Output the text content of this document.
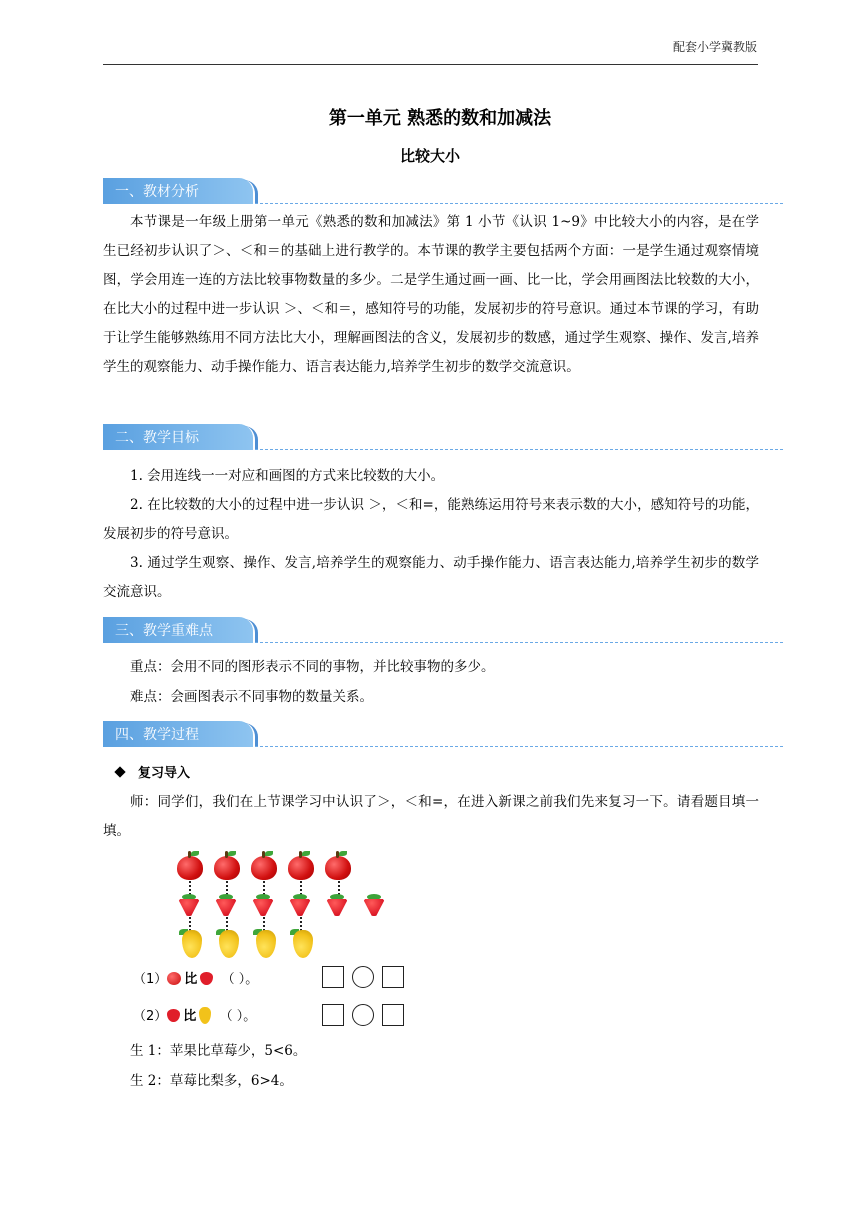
配套小学冀教版
第一单元 熟悉的数和加减法
比较大小
一、教材分析
本节课是一年级上册第一单元《熟悉的数和加减法》第 1 小节《认识 1~9》中比较大小的内容，是在学生已经初步认识了＞、＜和＝的基础上进行教学的。本节课的教学主要包括两个方面：一是学生通过观察情境图，学会用连一连的方法比较事物数量的多少。二是学生通过画一画、比一比，学会用画图法比较数的大小，在比大小的过程中进一步认识 ＞、＜和＝，感知符号的功能，发展初步的符号意识。通过本节课的学习，有助于让学生能够熟练用不同方法比大小，理解画图法的含义，发展初步的数感，通过学生观察、操作、发言,培养学生的观察能力、动手操作能力、语言表达能力,培养学生初步的数学交流意识。
二、教学目标
1. 会用连线一一对应和画图的方式来比较数的大小。
2. 在比较数的大小的过程中进一步认识 ＞，＜和=，能熟练运用符号来表示数的大小，感知符号的功能，发展初步的符号意识。
3. 通过学生观察、操作、发言,培养学生的观察能力、动手操作能力、语言表达能力,培养学生初步的数学交流意识。
三、教学重难点
重点：会用不同的图形表示不同的事物，并比较事物的多少。
难点：会画图表示不同事物的数量关系。
四、教学过程
复习导入
师：同学们，我们在上节课学习中认识了＞，＜和=，在进入新课之前我们先来复习一下。请看题目填一填。
（1） 比 （ ）。
（2） 比 （ ）。
生 1：苹果比草莓少，5<6。
生 2：草莓比梨多，6>4。
